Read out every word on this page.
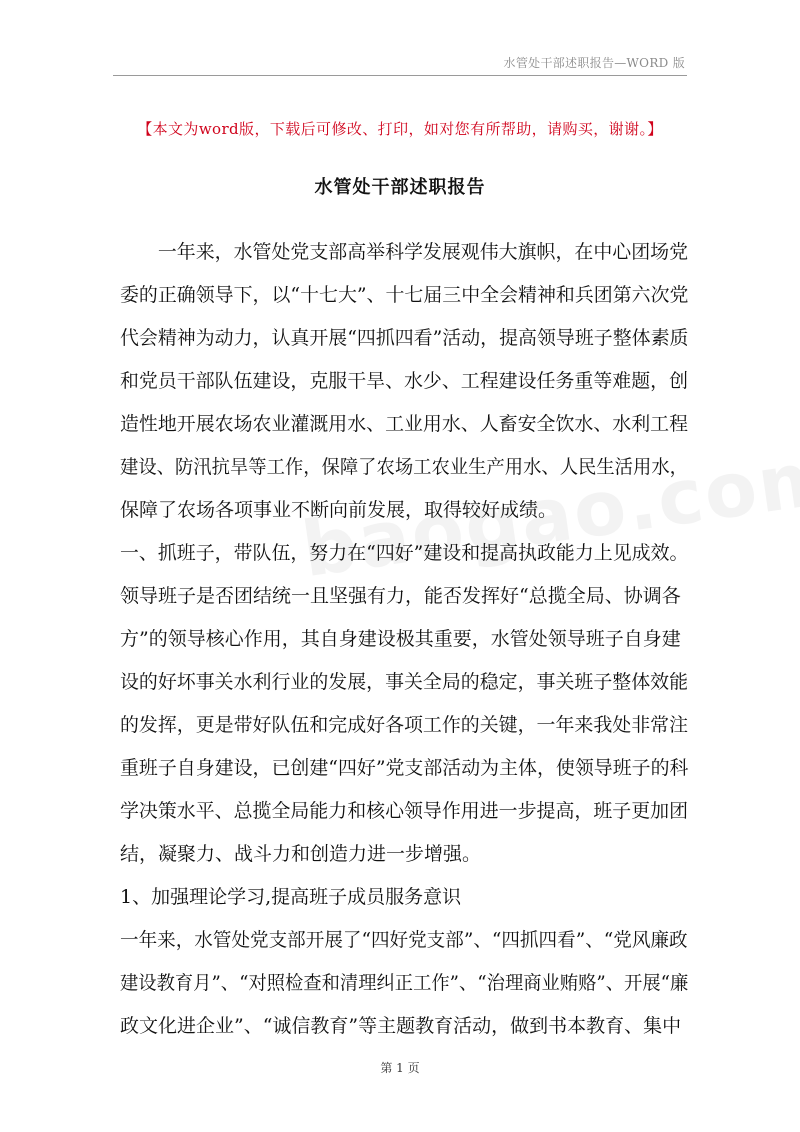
水管处干部述职报告—WORD 版
【本文为word版，下载后可修改、打印，如对您有所帮助，请购买，谢谢。】
水管处干部述职报告
　　一年来，水管处党支部高举科学发展观伟大旗帜，在中心团场党
委的正确领导下，以“十七大”、十七届三中全会精神和兵团第六次党
代会精神为动力，认真开展“四抓四看”活动，提高领导班子整体素质
和党员干部队伍建设，克服干旱、水少、工程建设任务重等难题，创
造性地开展农场农业灌溉用水、工业用水、人畜安全饮水、水利工程
建设、防汛抗旱等工作，保障了农场工农业生产用水、人民生活用水，
保障了农场各项事业不断向前发展，取得较好成绩。
一、抓班子，带队伍，努力在“四好”建设和提高执政能力上见成效。
领导班子是否团结统一且坚强有力，能否发挥好“总揽全局、协调各
方”的领导核心作用，其自身建设极其重要，水管处领导班子自身建
设的好坏事关水利行业的发展，事关全局的稳定，事关班子整体效能
的发挥，更是带好队伍和完成好各项工作的关键，一年来我处非常注
重班子自身建设，已创建“四好”党支部活动为主体，使领导班子的科
学决策水平、总揽全局能力和核心领导作用进一步提高，班子更加团
结，凝聚力、战斗力和创造力进一步增强。
1、加强理论学习,提高班子成员服务意识
一年来，水管处党支部开展了“四好党支部”、“四抓四看”、“党风廉政
建设教育月”、“对照检查和清理纠正工作”、“治理商业贿赂”、开展“廉
政文化进企业”、“诚信教育”等主题教育活动，做到书本教育、集中
第 1 页
